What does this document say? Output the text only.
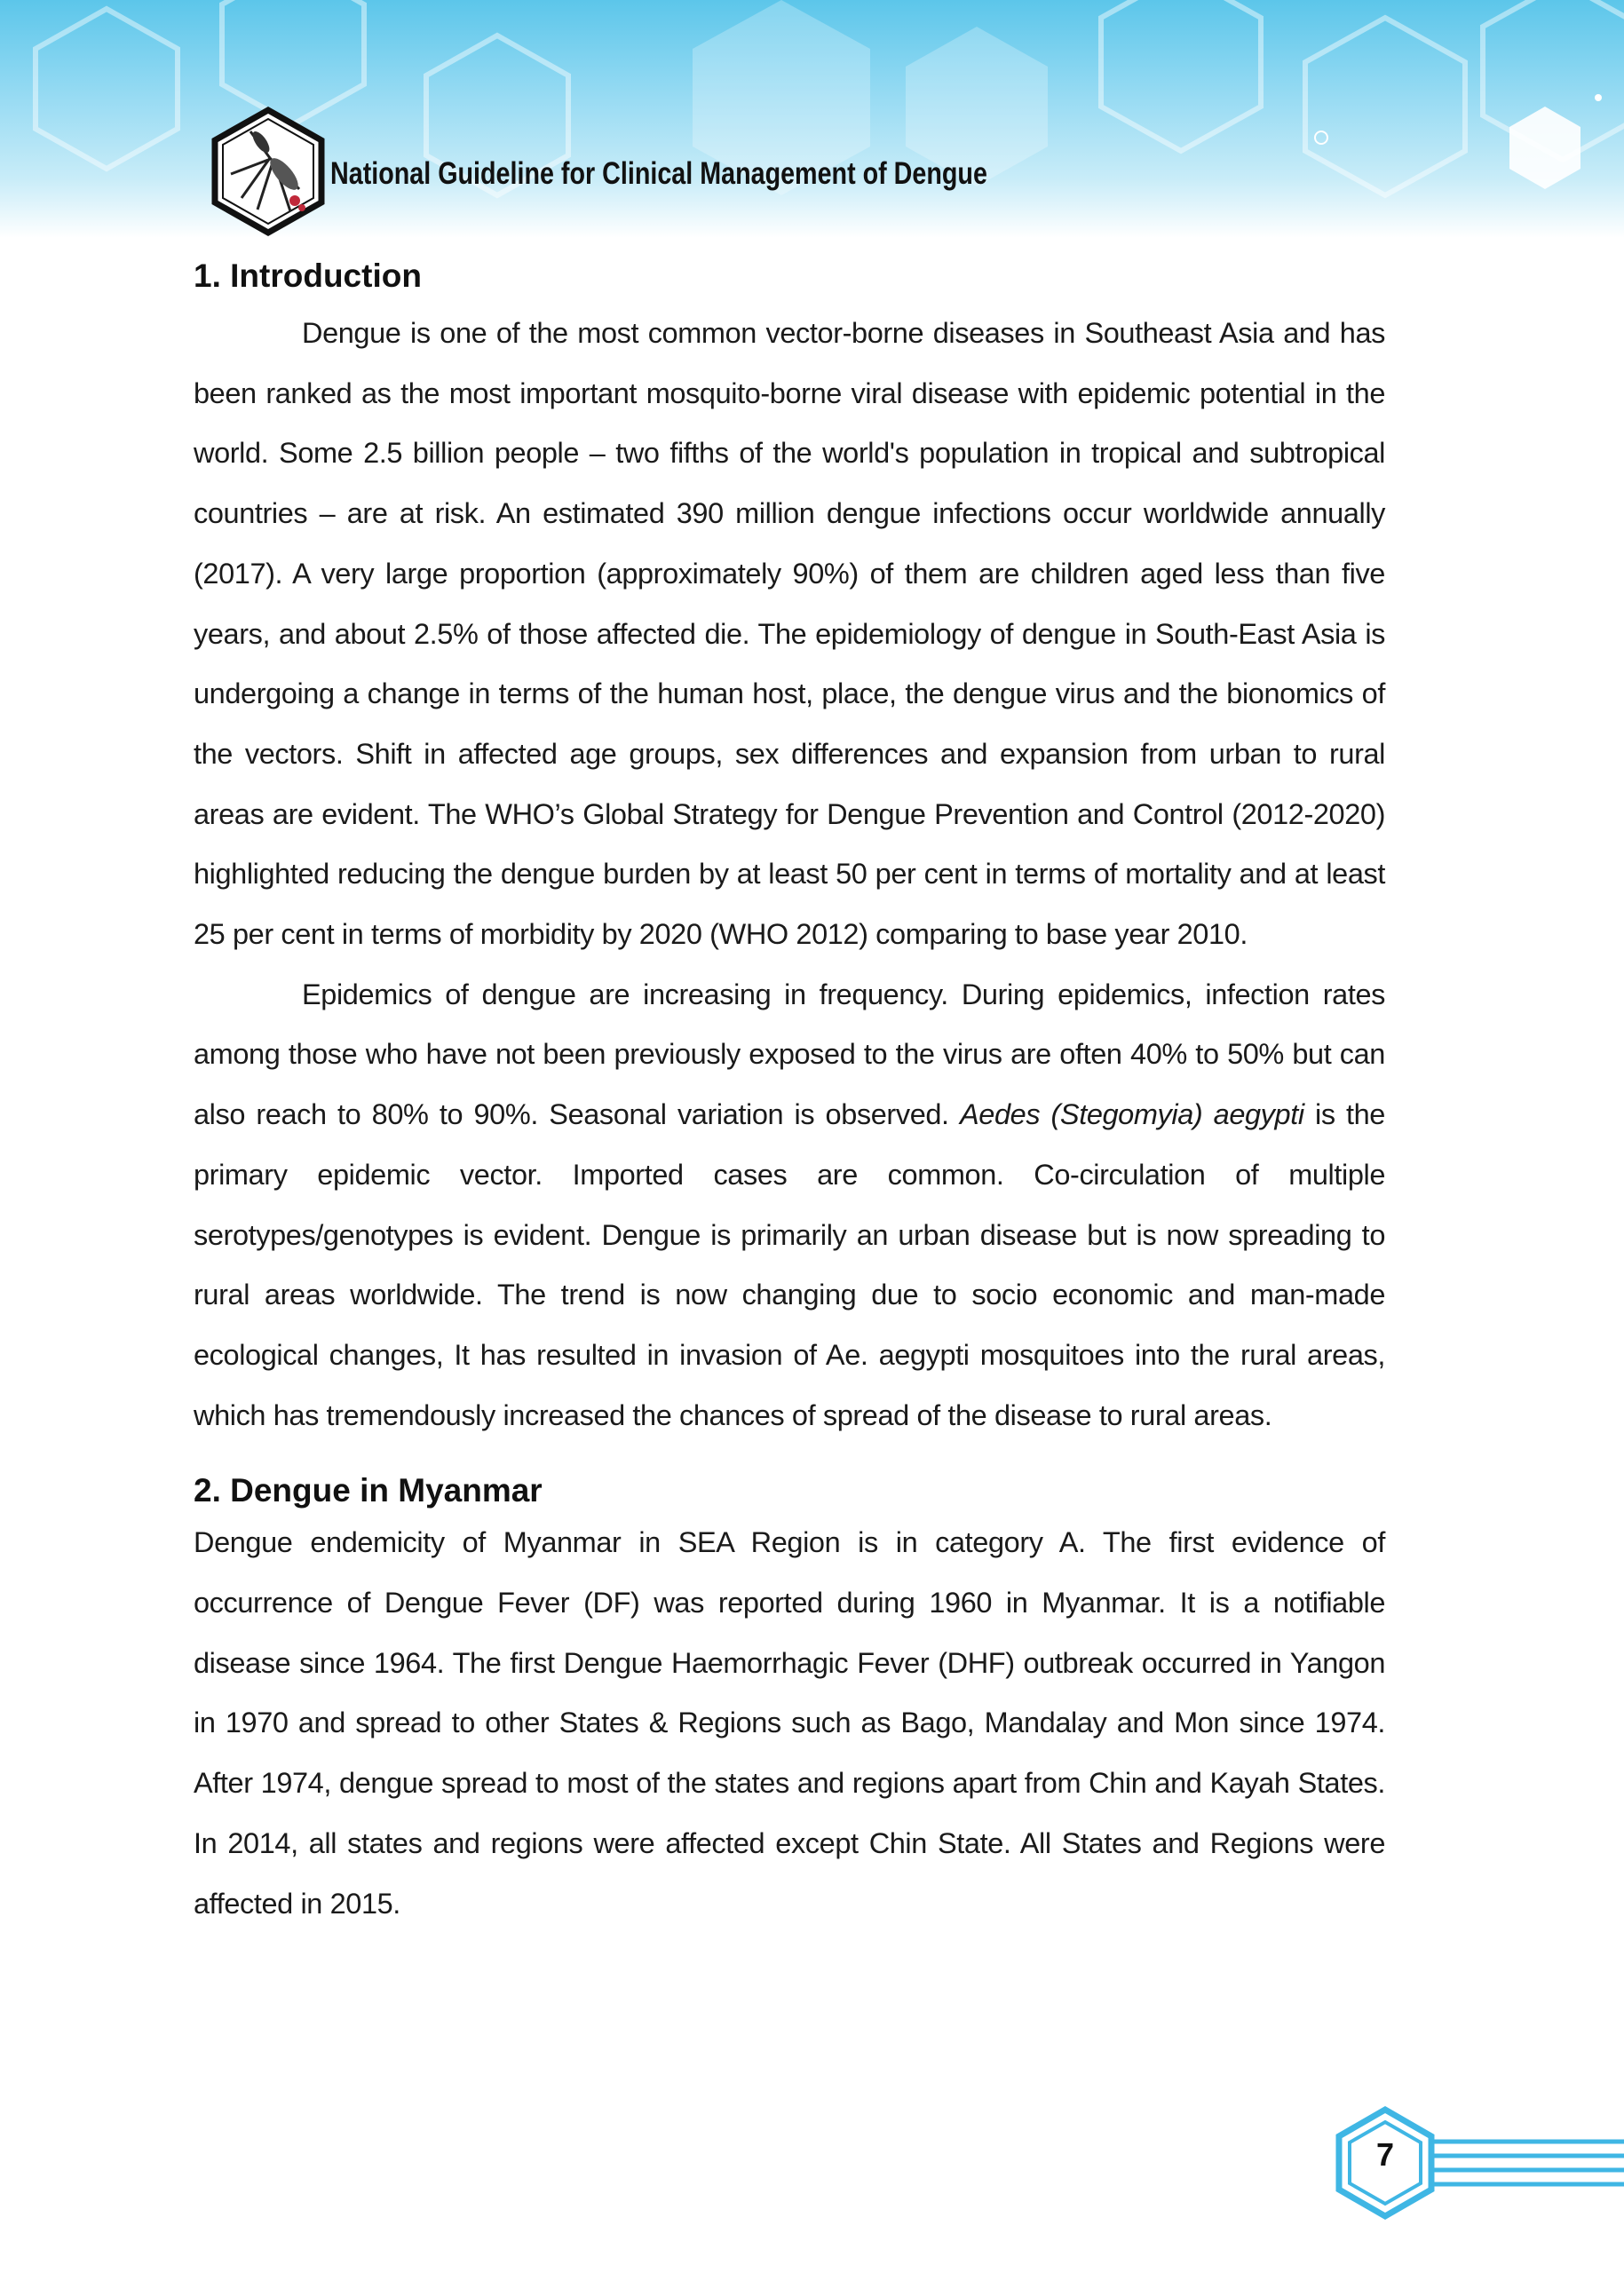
National Guideline for Clinical Management of Dengue
1. Introduction

Dengue is one of the most common vector-borne diseases in Southeast Asia and has been ranked as the most important mosquito-borne viral disease with epidemic potential in the world. Some 2.5 billion people – two fifths of the world's population in tropical and subtropical countries – are at risk. An estimated 390 million dengue infections occur worldwide annually (2017). A very large proportion (approximately 90%) of them are children aged less than five years, and about 2.5% of those affected die. The epidemiology of dengue in South-East Asia is undergoing a change in terms of the human host, place, the dengue virus and the bionomics of the vectors. Shift in affected age groups, sex differences and expansion from urban to rural areas are evident. The WHO’s Global Strategy for Dengue Prevention and Control (2012-2020) highlighted reducing the dengue burden by at least 50 per cent in terms of mortality and at least 25 per cent in terms of morbidity by 2020 (WHO 2012) comparing to base year 2010.

Epidemics of dengue are increasing in frequency. During epidemics, infection rates among those who have not been previously exposed to the virus are often 40% to 50% but can also reach to 80% to 90%. Seasonal variation is observed. Aedes (Stegomyia) aegypti is the primary epidemic vector. Imported cases are common. Co-circulation of multiple serotypes/genotypes is evident. Dengue is primarily an urban disease but is now spreading to rural areas worldwide. The trend is now changing due to socio economic and man-made ecological changes, It has resulted in invasion of Ae. aegypti mosquitoes into the rural areas, which has tremendously increased the chances of spread of the disease to rural areas.

2. Dengue in Myanmar

Dengue endemicity of Myanmar in SEA Region is in category A. The first evidence of occurrence of Dengue Fever (DF) was reported during 1960 in Myanmar. It is a notifiable disease since 1964. The first Dengue Haemorrhagic Fever (DHF) outbreak occurred in Yangon in 1970 and spread to other States & Regions such as Bago, Mandalay and Mon since 1974. After 1974, dengue spread to most of the states and regions apart from Chin and Kayah States. In 2014, all states and regions were affected except Chin State. All States and Regions were affected in 2015.

7
